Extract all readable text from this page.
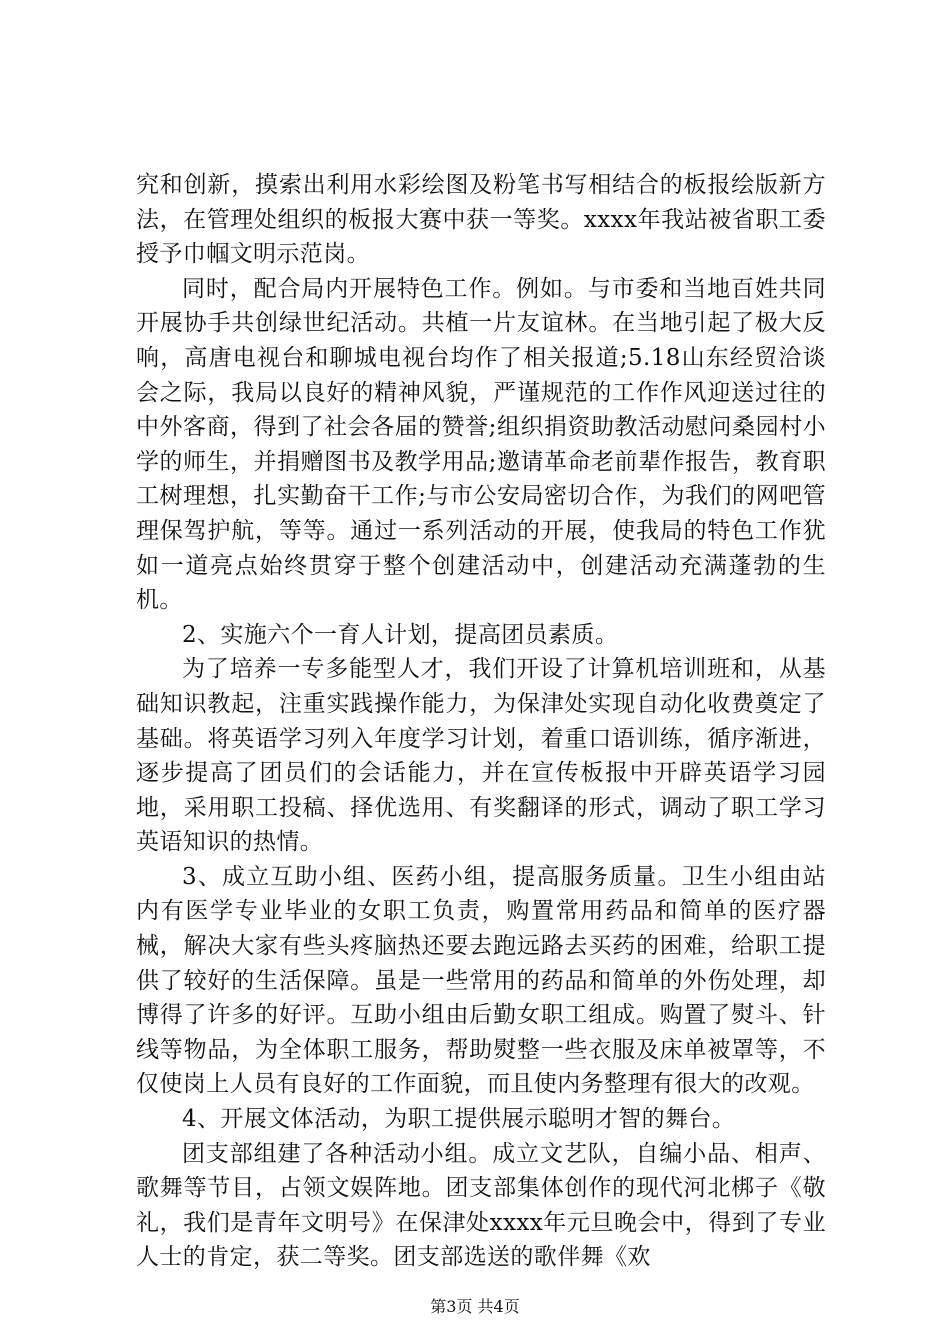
究和创新，摸索出利用水彩绘图及粉笔书写相结合的板报绘版新方法，在管理处组织的板报大赛中获一等奖。xxxx年我站被省职工委授予巾帼文明示范岗。

同时，配合局内开展特色工作。例如。与市委和当地百姓共同开展协手共创绿世纪活动。共植一片友谊林。在当地引起了极大反响，高唐电视台和聊城电视台均作了相关报道;5.18山东经贸洽谈会之际，我局以良好的精神风貌，严谨规范的工作作风迎送过往的中外客商，得到了社会各届的赞誉;组织捐资助教活动慰问桑园村小学的师生，并捐赠图书及教学用品;邀请革命老前辈作报告，教育职工树理想，扎实勤奋干工作;与市公安局密切合作，为我们的网吧管理保驾护航，等等。通过一系列活动的开展，使我局的特色工作犹如一道亮点始终贯穿于整个创建活动中，创建活动充满蓬勃的生机。

2、实施六个一育人计划，提高团员素质。

为了培养一专多能型人才，我们开设了计算机培训班和，从基础知识教起，注重实践操作能力，为保津处实现自动化收费奠定了基础。将英语学习列入年度学习计划，着重口语训练，循序渐进，逐步提高了团员们的会话能力，并在宣传板报中开辟英语学习园地，采用职工投稿、择优选用、有奖翻译的形式，调动了职工学习英语知识的热情。

3、成立互助小组、医药小组，提高服务质量。卫生小组由站内有医学专业毕业的女职工负责，购置常用药品和简单的医疗器械，解决大家有些头疼脑热还要去跑远路去买药的困难，给职工提供了较好的生活保障。虽是一些常用的药品和简单的外伤处理，却博得了许多的好评。互助小组由后勤女职工组成。购置了熨斗、针线等物品，为全体职工服务，帮助熨整一些衣服及床单被罩等，不仅使岗上人员有良好的工作面貌，而且使内务整理有很大的改观。

4、开展文体活动，为职工提供展示聪明才智的舞台。

团支部组建了各种活动小组。成立文艺队，自编小品、相声、歌舞等节目，占领文娱阵地。团支部集体创作的现代河北梆子《敬礼，我们是青年文明号》在保津处xxxx年元旦晚会中，得到了专业人士的肯定，获二等奖。团支部选送的歌伴舞《欢

第3页 共4页
